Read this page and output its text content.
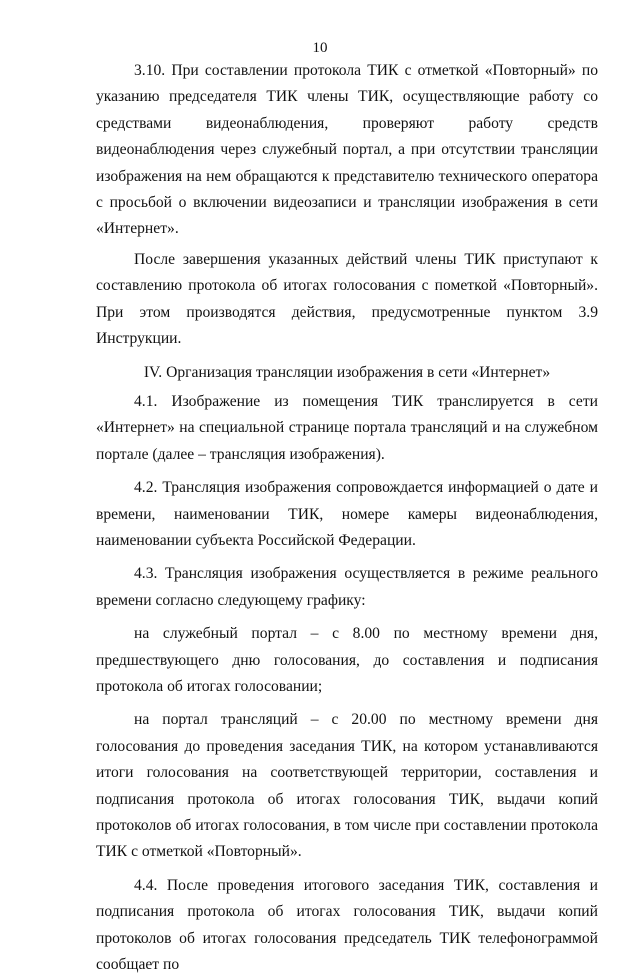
10

3.10. При составлении протокола ТИК с отметкой «Повторный» по указанию председателя ТИК члены ТИК, осуществляющие работу со средствами видеонаблюдения, проверяют работу средств видеонаблюдения через служебный портал, а при отсутствии трансляции изображения на нем обращаются к представителю технического оператора с просьбой о включении видеозаписи и трансляции изображения в сети «Интернет».

После завершения указанных действий члены ТИК приступают к составлению протокола об итогах голосования с пометкой «Повторный». При этом производятся действия, предусмотренные пунктом 3.9 Инструкции.

IV. Организация трансляции изображения в сети «Интернет»

4.1. Изображение из помещения ТИК транслируется в сети «Интернет» на специальной странице портала трансляций и на служебном портале (далее – трансляция изображения).

4.2. Трансляция изображения сопровождается информацией о дате и времени, наименовании ТИК, номере камеры видеонаблюдения, наименовании субъекта Российской Федерации.

4.3. Трансляция изображения осуществляется в режиме реального времени согласно следующему графику:

на служебный портал – с 8.00 по местному времени дня, предшествующего дню голосования, до составления и подписания протокола об итогах голосовании;

на портал трансляций – с 20.00 по местному времени дня голосования до проведения заседания ТИК, на котором устанавливаются итоги голосования на соответствующей территории, составления и подписания протокола об итогах голосования ТИК, выдачи копий протоколов об итогах голосования, в том числе при составлении протокола ТИК с отметкой «Повторный».

4.4. После проведения итогового заседания ТИК, составления и подписания протокола об итогах голосования ТИК, выдачи копий протоколов об итогах голосования председатель ТИК телефонограммой сообщает по
